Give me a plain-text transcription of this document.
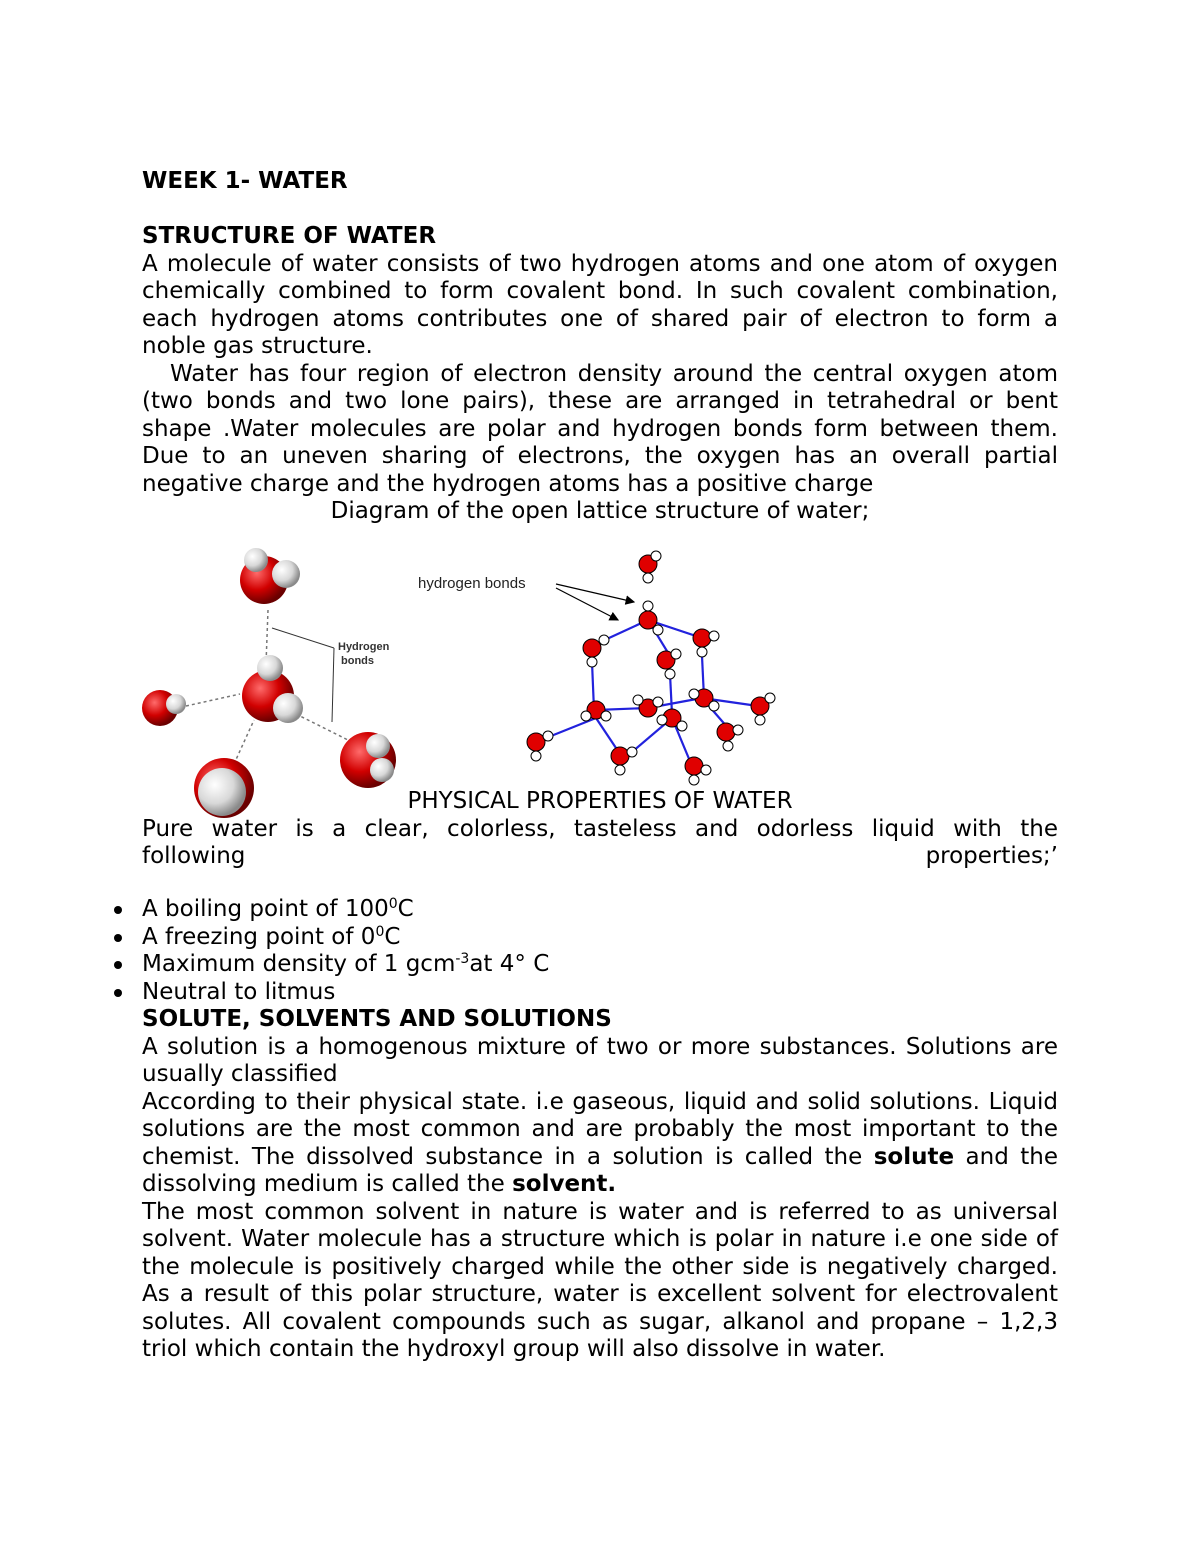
WEEK 1- WATER

STRUCTURE OF WATER

A molecule of water consists of two hydrogen atoms and one atom of oxygen chemically combined to form covalent bond. In such covalent combination, each hydrogen atoms contributes one of shared pair of electron to form a noble gas structure.

Water has four region of electron density around the central oxygen atom (two bonds and two lone pairs), these are arranged in tetrahedral or bent shape .Water molecules are polar and hydrogen bonds form between them. Due to an uneven sharing of electrons, the oxygen has an overall partial negative charge and the hydrogen atoms has a positive charge

Diagram of the open lattice structure of water;

Hydrogen
bonds
hydrogen bonds

PHYSICAL PROPERTIES OF WATER

Pure water is a clear, colorless, tasteless and odorless liquid with the

following	properties;’
A boiling point of $100^0C$
A freezing point of $0^0C$
Maximum density of 1 gcm$^{-3}$at 4° C
Neutral to litmus

SOLUTE, SOLVENTS AND SOLUTIONS

A solution is a homogenous mixture of two or more substances. Solutions are usually classified

According to their physical state. i.e gaseous, liquid and solid solutions. Liquid solutions are the most common and are probably the most important to the chemist. The dissolved substance in a solution is called the solute and the dissolving medium is called the solvent.

The most common solvent in nature is water and is referred to as universal solvent. Water molecule has a structure which is polar in nature i.e one side of the molecule is positively charged while the other side is negatively charged. As a result of this polar structure, water is excellent solvent for electrovalent solutes. All covalent compounds such as sugar, alkanol and propane – 1,2,3 triol which contain the hydroxyl group will also dissolve in water.
